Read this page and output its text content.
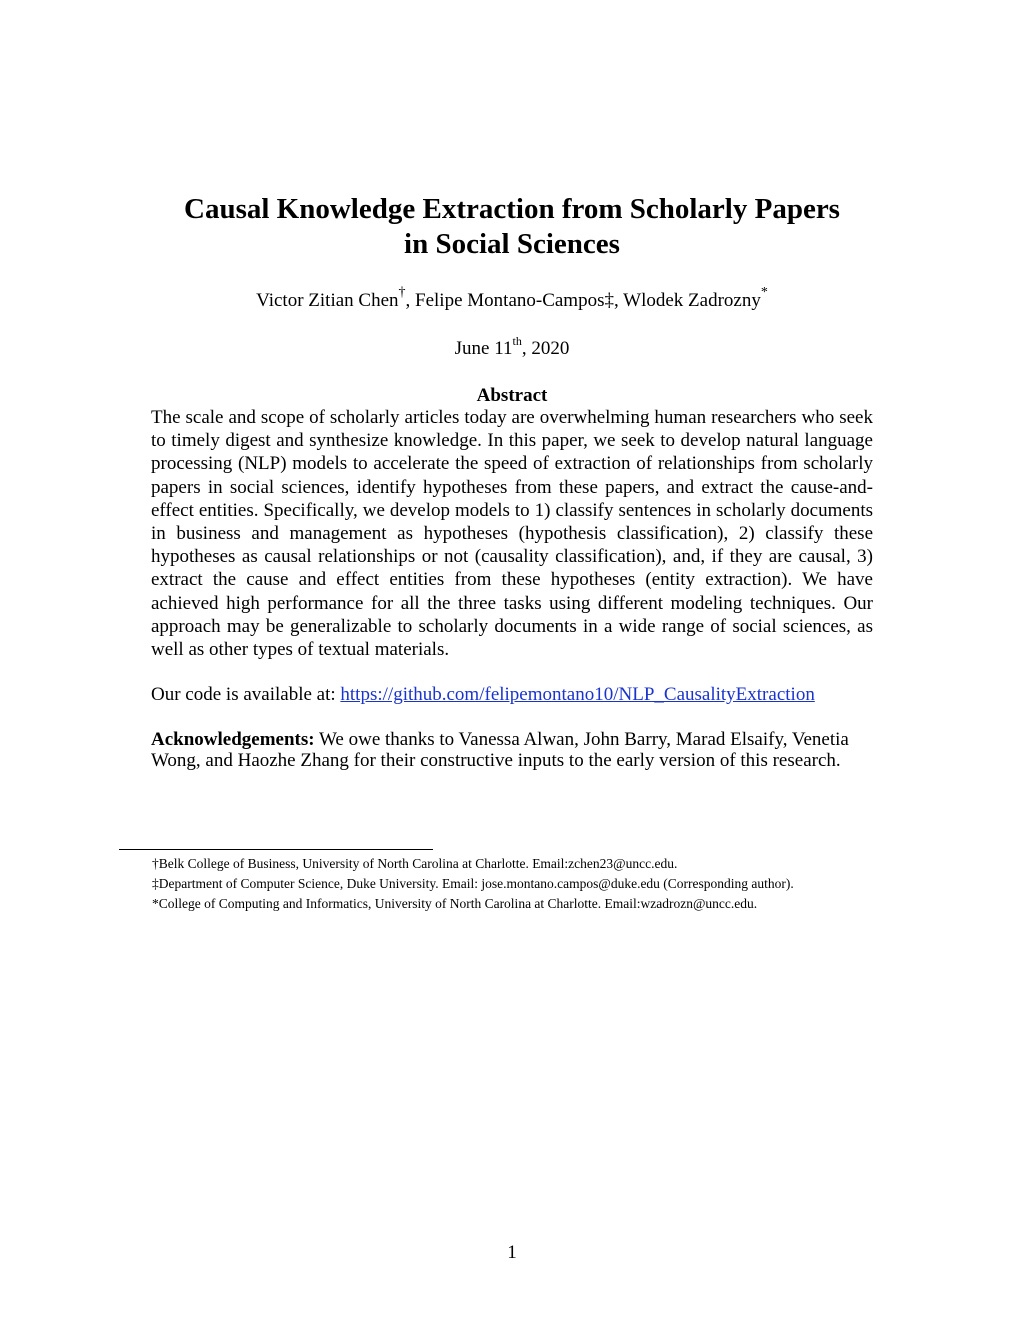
Causal Knowledge Extraction from Scholarly Papers
in Social Sciences
Victor Zitian Chen†, Felipe Montano-Campos‡, Wlodek Zadrozny*
June 11th, 2020
Abstract

The scale and scope of scholarly articles today are overwhelming human researchers who seek to timely digest and synthesize knowledge. In this paper, we seek to develop natural language processing (NLP) models to accelerate the speed of extraction of relationships from scholarly papers in social sciences, identify hypotheses from these papers, and extract the cause-and-effect entities. Specifically, we develop models to 1) classify sentences in scholarly documents in business and management as hypotheses (hypothesis classification), 2) classify these hypotheses as causal relationships or not (causality classification), and, if they are causal, 3) extract the cause and effect entities from these hypotheses (entity extraction). We have achieved high performance for all the three tasks using different modeling techniques. Our approach may be generalizable to scholarly documents in a wide range of social sciences, as well as other types of textual materials.

Our code is available at: https://github.com/felipemontano10/NLP_CausalityExtraction

Acknowledgements: We owe thanks to Vanessa Alwan, John Barry, Marad Elsaify, Venetia Wong, and Haozhe Zhang for their constructive inputs to the early version of this research.

†Belk College of Business, University of North Carolina at Charlotte. Email:zchen23@uncc.edu.
‡Department of Computer Science, Duke University. Email: jose.montano.campos@duke.edu (Corresponding author).
*College of Computing and Informatics, University of North Carolina at Charlotte. Email:wzadrozn@uncc.edu.
1
